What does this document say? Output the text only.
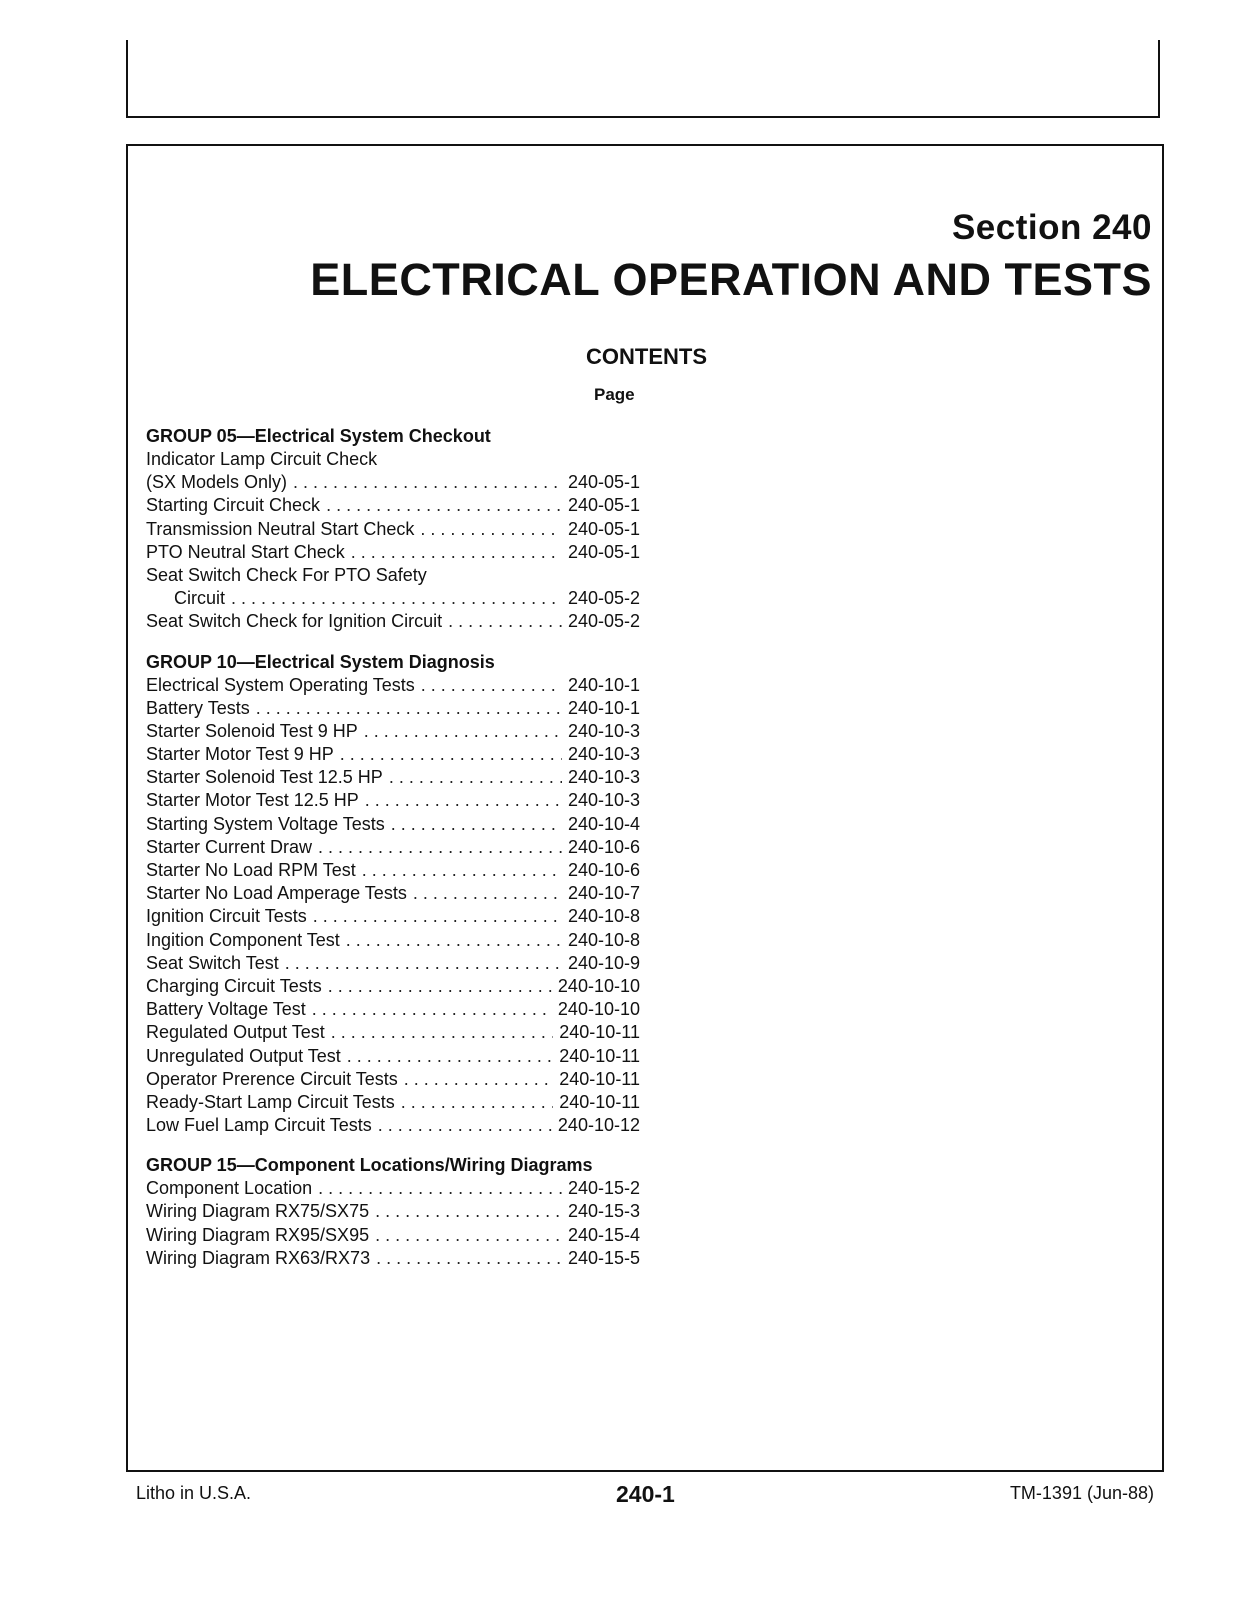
Section 240
ELECTRICAL OPERATION AND TESTS
CONTENTS
Page
GROUP 05—Electrical System Checkout
Indicator Lamp Circuit Check
(SX Models Only) . . .	240-05-1
Starting Circuit Check . . .	240-05-1
Transmission Neutral Start Check . . .	240-05-1
PTO Neutral Start Check . . .	240-05-1
Seat Switch Check For PTO Safety
Circuit . . .	240-05-2
Seat Switch Check for Ignition Circuit . . .	240-05-2
GROUP 10—Electrical System Diagnosis
Electrical System Operating Tests . . .	240-10-1
Battery Tests . . .	240-10-1
Starter Solenoid Test 9 HP . . .	240-10-3
Starter Motor Test 9 HP . . .	240-10-3
Starter Solenoid Test 12.5 HP . . .	240-10-3
Starter Motor Test 12.5 HP . . .	240-10-3
Starting System Voltage Tests . . .	240-10-4
Starter Current Draw . . .	240-10-6
Starter No Load RPM Test . . .	240-10-6
Starter No Load Amperage Tests . . .	240-10-7
Ignition Circuit Tests . . .	240-10-8
Ingition Component Test . . .	240-10-8
Seat Switch Test . . .	240-10-9
Charging Circuit Tests . . .	240-10-10
Battery Voltage Test . . .	240-10-10
Regulated Output Test . . .	240-10-11
Unregulated Output Test . . .	240-10-11
Operator Prerence Circuit Tests . . .	240-10-11
Ready-Start Lamp Circuit Tests . . .	240-10-11
Low Fuel Lamp Circuit Tests . . .	240-10-12
GROUP 15—Component Locations/Wiring Diagrams
Component Location . . .	240-15-2
Wiring Diagram RX75/SX75 . . .	240-15-3
Wiring Diagram RX95/SX95 . . .	240-15-4
Wiring Diagram RX63/RX73 . . .	240-15-5
Litho in U.S.A.	240-1	TM-1391 (Jun-88)
